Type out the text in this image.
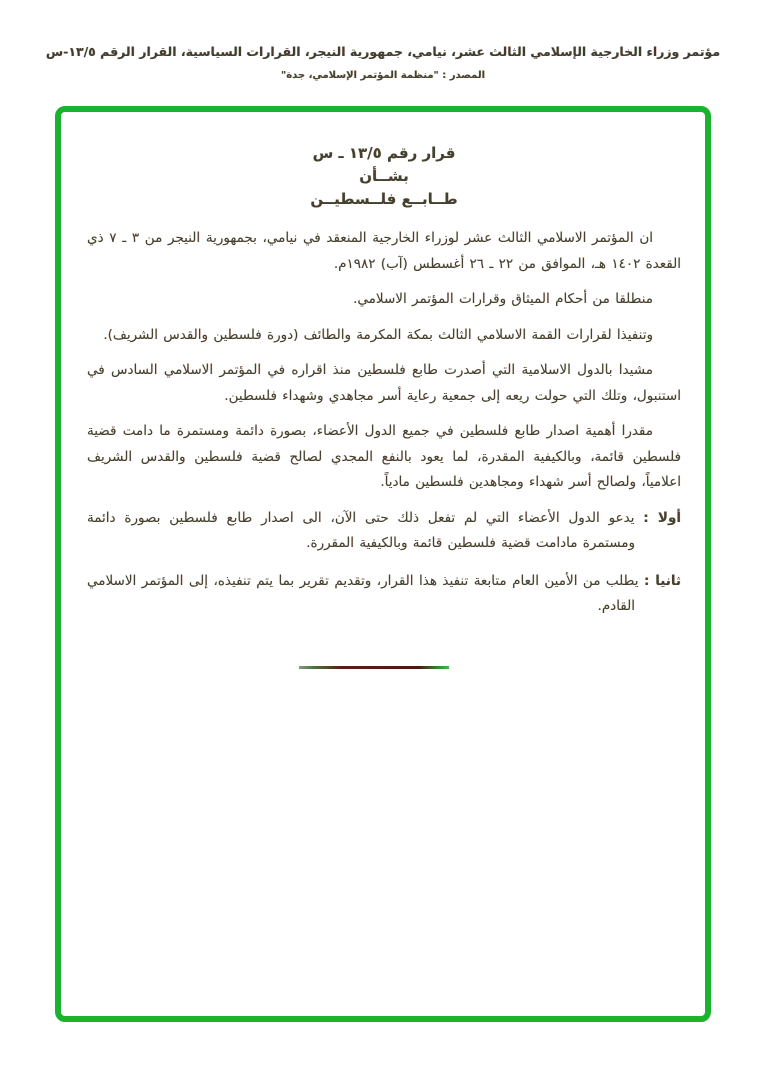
مؤتمر وزراء الخارجية الإسلامي الثالث عشر، نيامي، جمهورية النيجر، القرارات السياسية، القرار الرقم ١٣/٥-س
المصدر : "منظمة المؤتمر الإسلامي، جدة"
قرار رقم ١٣/٥ ـ س
بشــأن
طــابــع فلــسطيــن

ان المؤتمر الاسلامي الثالث عشر لوزراء الخارجية المنعقد في نيامي، بجمهورية النيجر من ٣ ـ ٧ ذي القعدة ١٤٠٢ هـ، الموافق من ٢٢ ـ ٢٦ أغسطس (آب) ١٩٨٢م.

منطلقا من أحكام الميثاق وقرارات المؤتمر الاسلامي.

وتنفيذا لقرارات القمة الاسلامي الثالث بمكة المكرمة والطائف (دورة فلسطين والقدس الشريف).

مشيدا بالدول الاسلامية التي أصدرت طابع فلسطين منذ اقراره في المؤتمر الاسلامي السادس في استنبول، وتلك التي حولت ريعه إلى جمعية رعاية أسر مجاهدي وشهداء فلسطين.

مقدرا أهمية اصدار طابع فلسطين في جميع الدول الأعضاء، بصورة دائمة ومستمرة ما دامت قضية فلسطين قائمة، وبالكيفية المقدرة، لما يعود بالنفع المجدي لصالح قضية فلسطين والقدس الشريف اعلامياً، ولصالح أسر شهداء ومجاهدين فلسطين مادياً.

أولا : يدعو الدول الأعضاء التي لم تفعل ذلك حتى الآن، الى اصدار طابع فلسطين بصورة دائمة ومستمرة مادامت قضية فلسطين قائمة وبالكيفية المقررة.

ثانيا : يطلب من الأمين العام متابعة تنفيذ هذا القرار، وتقديم تقرير بما يتم تنفيذه، إلى المؤتمر الاسلامي القادم.
